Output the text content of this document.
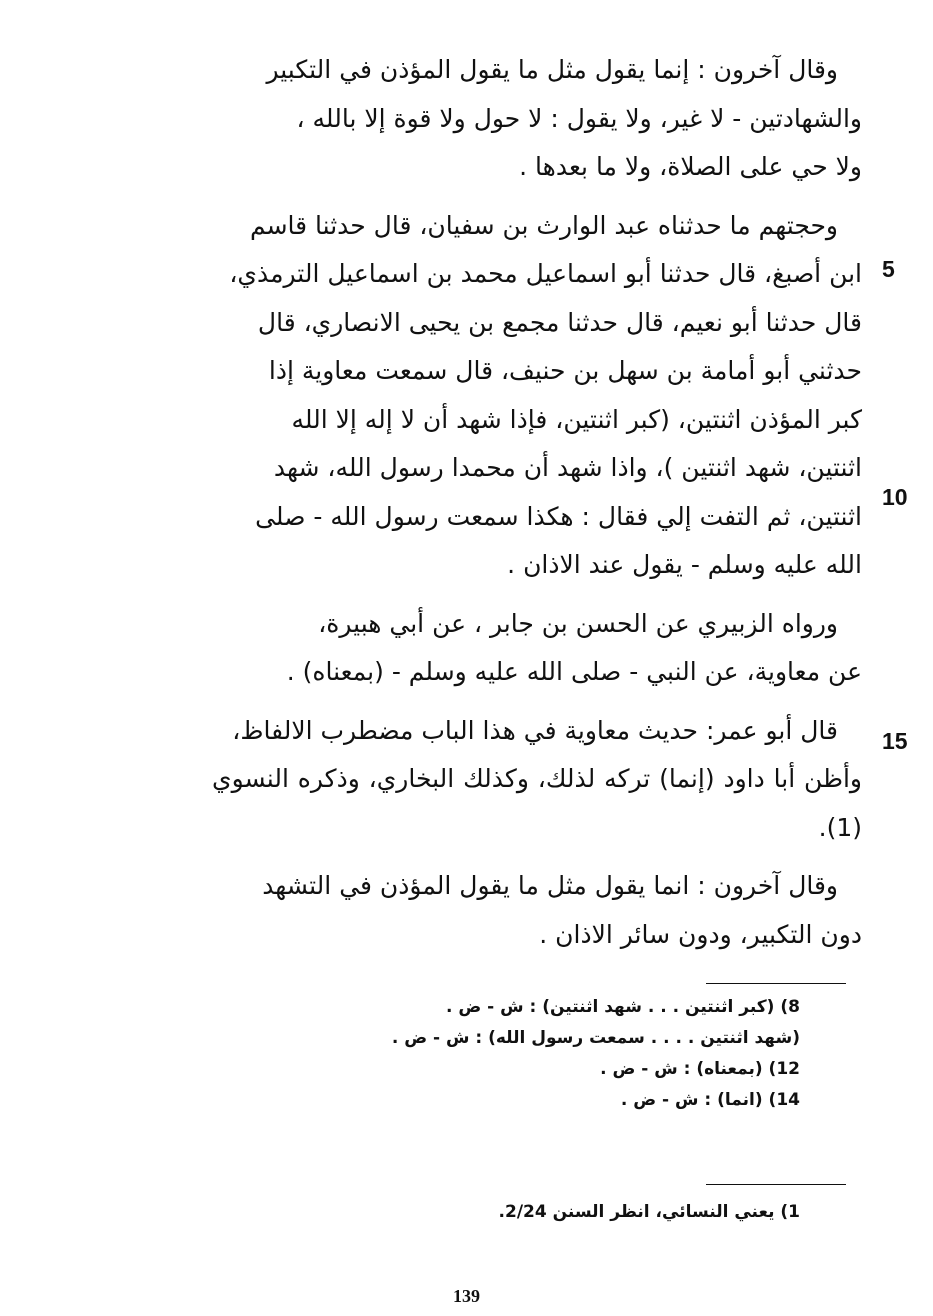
وقال آخرون : إنما يقول مثل ما يقول المؤذن في التكبير
والشهادتين - لا غير، ولا يقول : لا حول ولا قوة إلا بالله ،
ولا حي على الصلاة، ولا ما بعدها .

وحجتهم ما حدثناه عبد الوارث بن سفيان، قال حدثنا قاسم
ابن أصبغ، قال حدثنا أبو اسماعيل محمد بن اسماعيل الترمذي،
قال حدثنا أبو نعيم، قال حدثنا مجمع بن يحيى الانصاري، قال
حدثني أبو أمامة بن سهل بن حنيف، قال سمعت معاوية إذا
كبر المؤذن اثنتين، (كبر اثنتين، فإذا شهد أن لا إله إلا الله
اثنتين، شهد اثنتين )، واذا شهد أن محمدا رسول الله، شهد
اثنتين، ثم التفت إلي فقال : هكذا سمعت رسول الله - صلى
الله عليه وسلم - يقول عند الاذان .

ورواه الزبيري عن الحسن بن جابر ، عن أبي هبيرة،
عن معاوية، عن النبي - صلى الله عليه وسلم - (بمعناه) .

قال أبو عمر: حديث معاوية في هذا الباب مضطرب الالفاظ،
وأظن أبا داود (إنما) تركه لذلك، وكذلك البخاري، وذكره النسوي (1).

وقال آخرون : انما يقول مثل ما يقول المؤذن في التشهد
دون التكبير، ودون سائر الاذان .

5
10
15
8) (كبر اثنتين . . . شهد اثنتين) : ش - ض .
(شهد اثنتين . . . . سمعت رسول الله) : ش - ض .
12) (بمعناه) : ش - ض .
14) (انما) : ش - ض .
1) يعني النسائي، انظر السنن 2/24.
139
